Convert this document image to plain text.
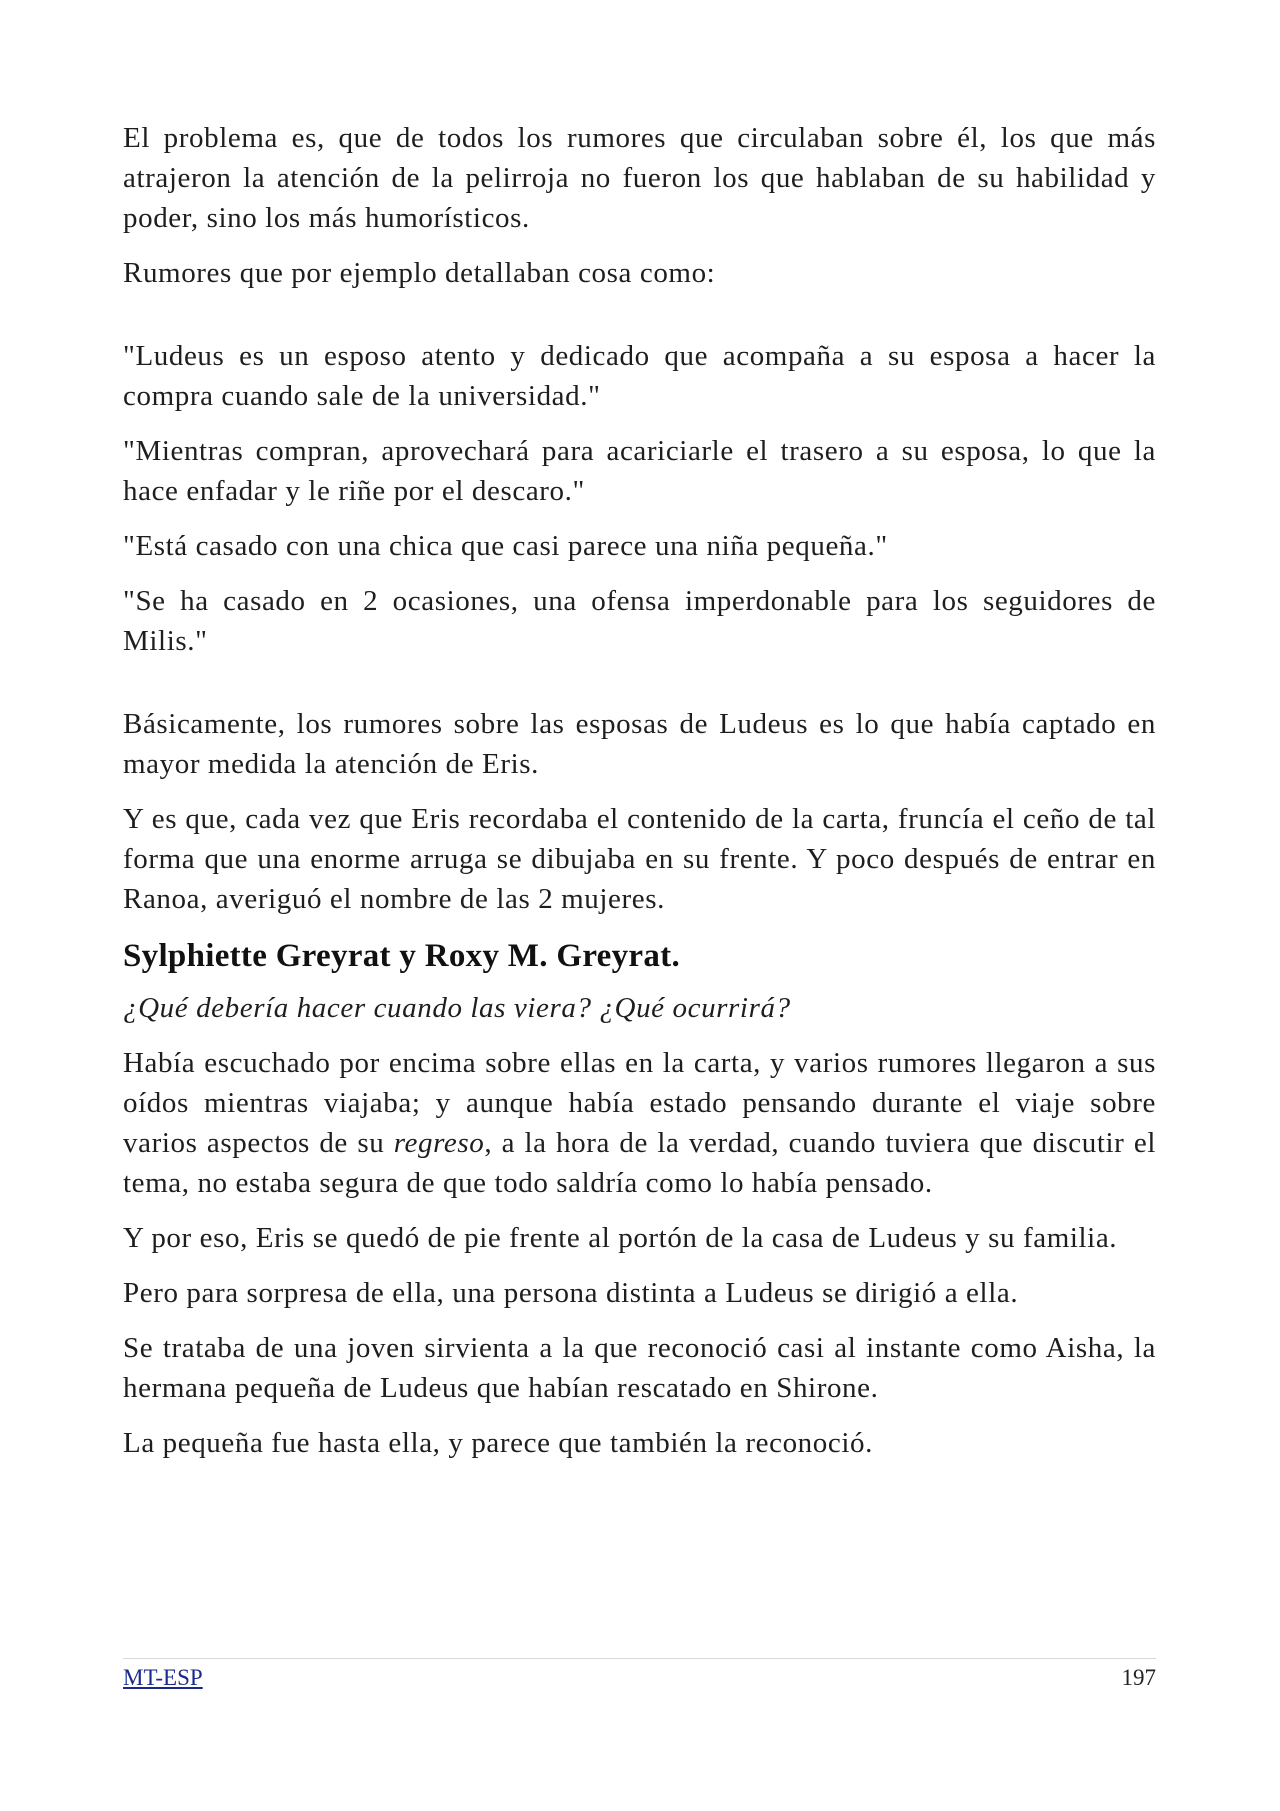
El problema es, que de todos los rumores que circulaban sobre él, los que más atrajeron la atención de la pelirroja no fueron los que hablaban de su habilidad y poder, sino los más humorísticos.

Rumores que por ejemplo detallaban cosa como:

"Ludeus es un esposo atento y dedicado que acompaña a su esposa a hacer la compra cuando sale de la universidad."

"Mientras compran, aprovechará para acariciarle el trasero a su esposa, lo que la hace enfadar y le riñe por el descaro."

"Está casado con una chica que casi parece una niña pequeña."

"Se ha casado en 2 ocasiones, una ofensa imperdonable para los seguidores de Milis."

Básicamente, los rumores sobre las esposas de Ludeus es lo que había captado en mayor medida la atención de Eris.

Y es que, cada vez que Eris recordaba el contenido de la carta, fruncía el ceño de tal forma que una enorme arruga se dibujaba en su frente. Y poco después de entrar en Ranoa, averiguó el nombre de las 2 mujeres.

Sylphiette Greyrat y Roxy M. Greyrat.

¿Qué debería hacer cuando las viera? ¿Qué ocurrirá?

Había escuchado por encima sobre ellas en la carta, y varios rumores llegaron a sus oídos mientras viajaba; y aunque había estado pensando durante el viaje sobre varios aspectos de su regreso, a la hora de la verdad, cuando tuviera que discutir el tema, no estaba segura de que todo saldría como lo había pensado.

Y por eso, Eris se quedó de pie frente al portón de la casa de Ludeus y su familia.

Pero para sorpresa de ella, una persona distinta a Ludeus se dirigió a ella.

Se trataba de una joven sirvienta a la que reconoció casi al instante como Aisha, la hermana pequeña de Ludeus que habían rescatado en Shirone.

La pequeña fue hasta ella, y parece que también la reconoció.

MT-ESP	197
